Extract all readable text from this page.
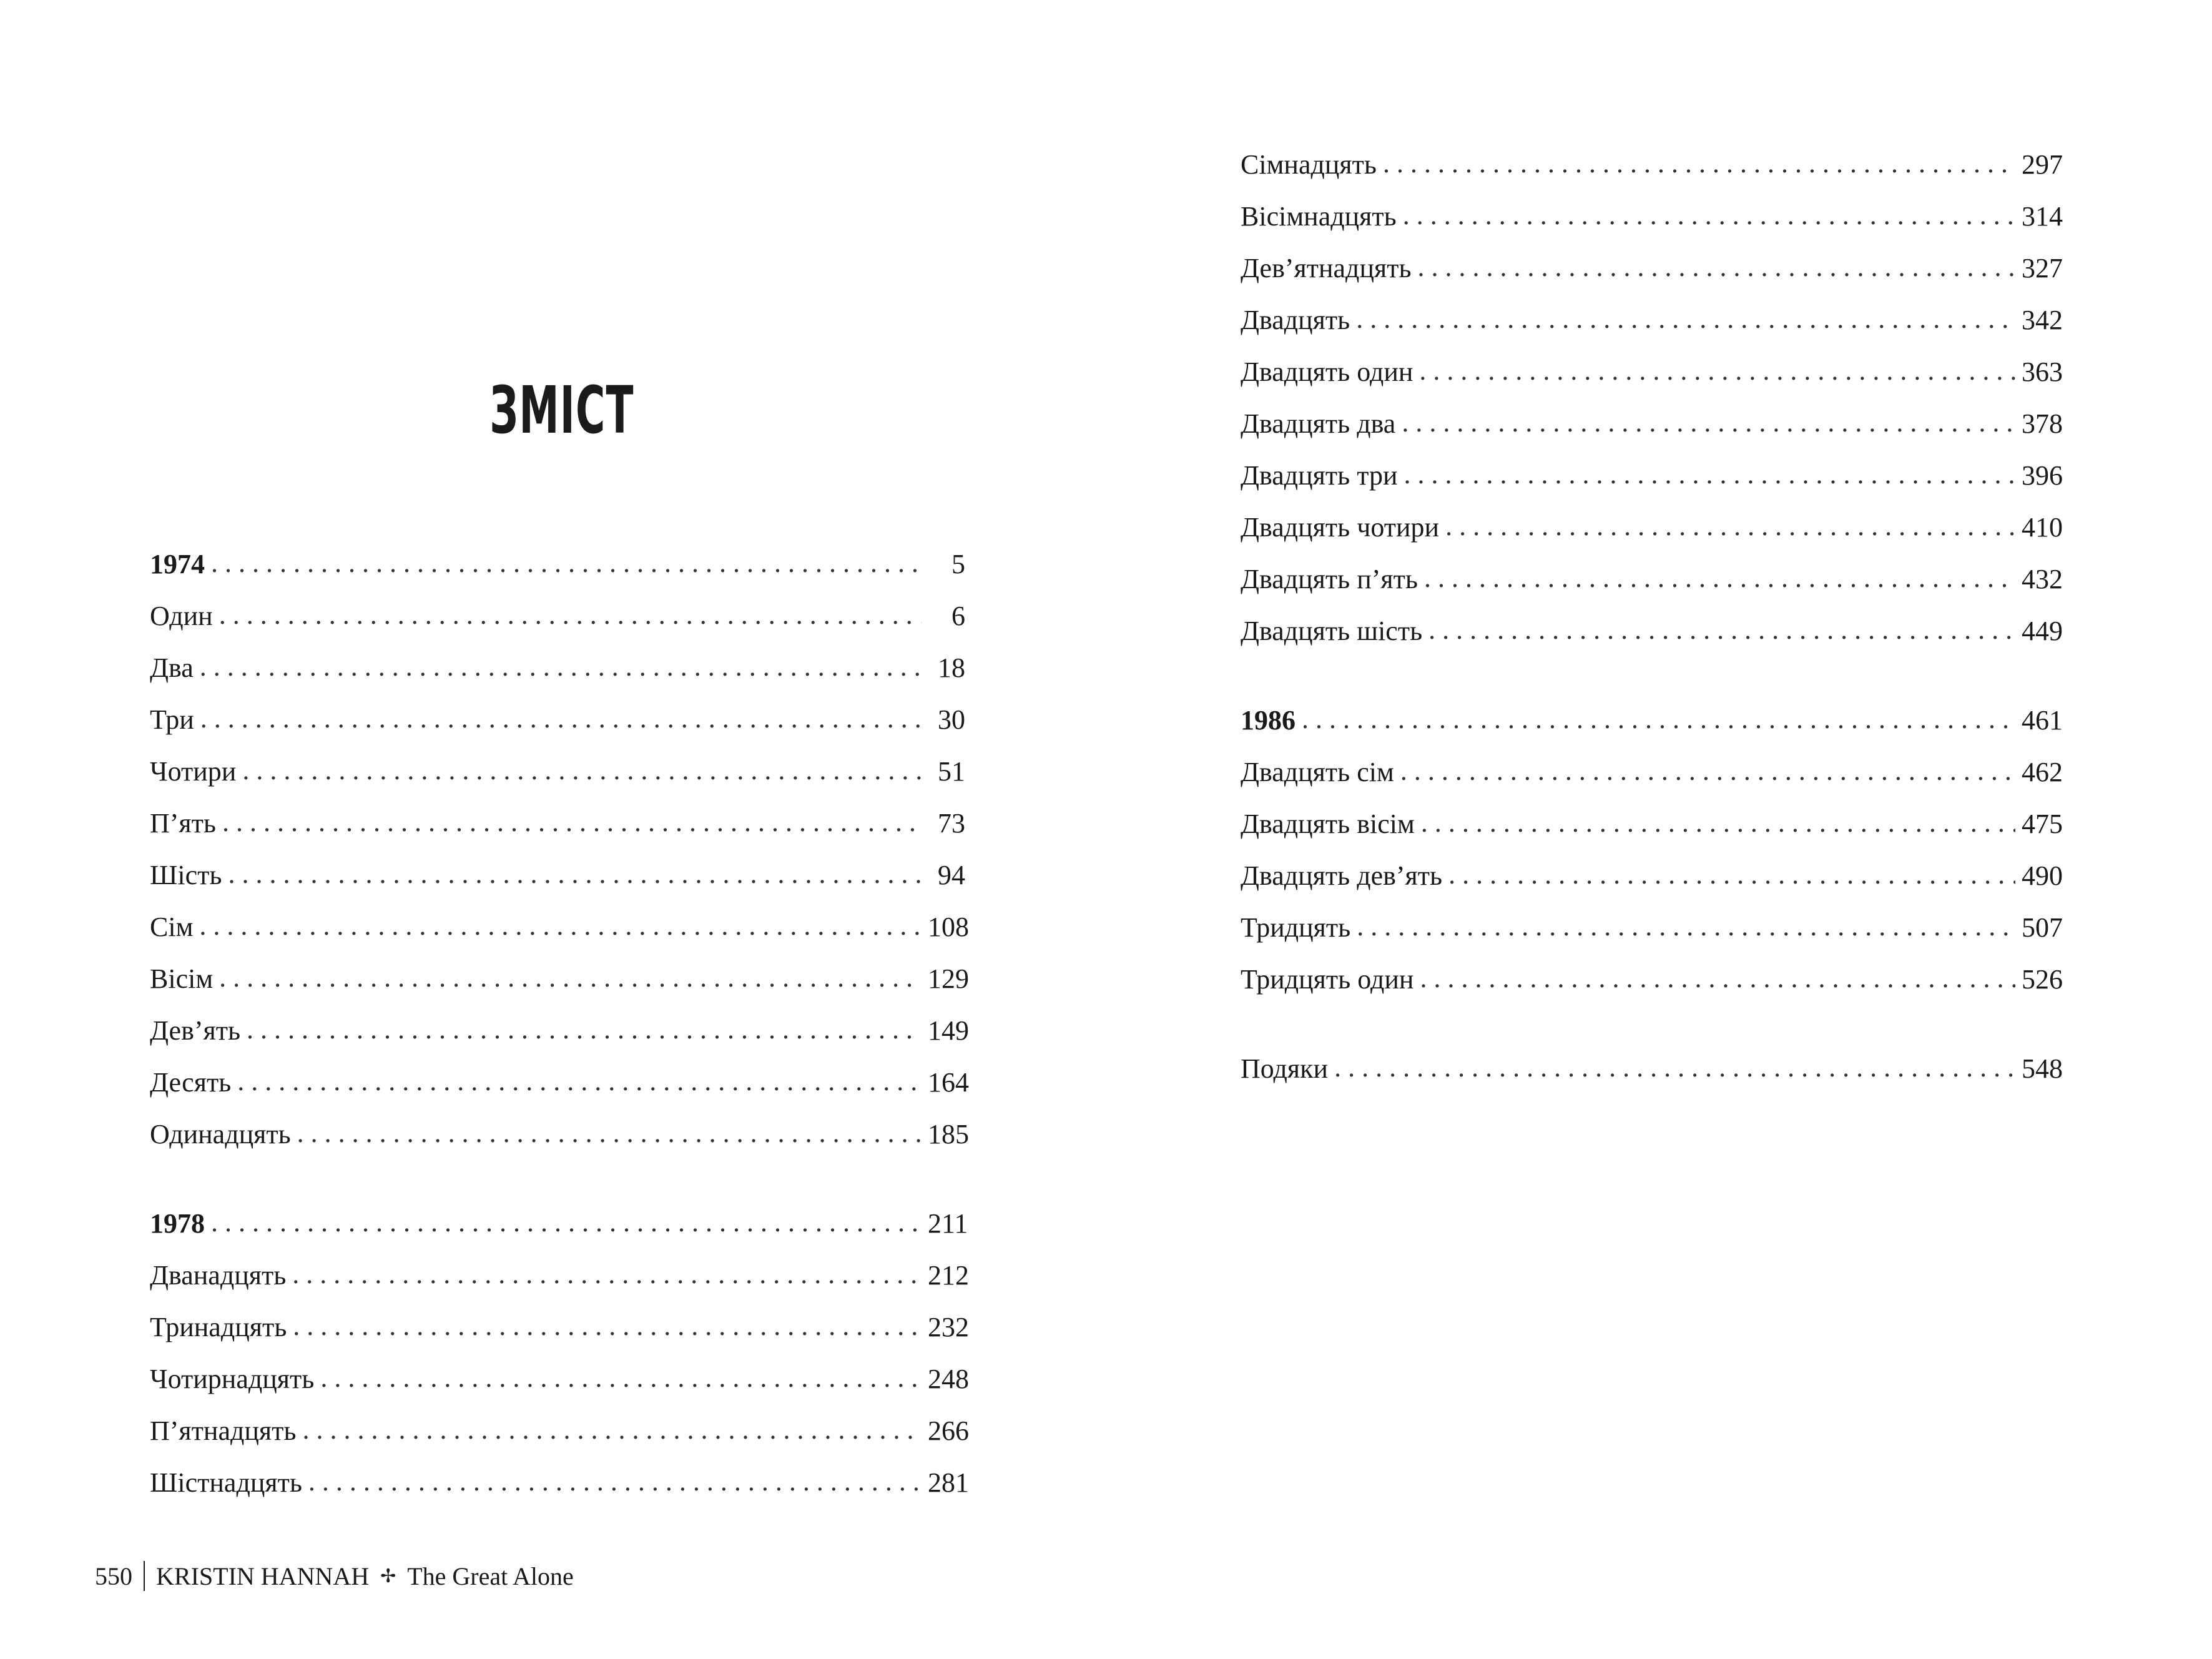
ЗМІСТ
1974 . . .	5
Один . . .	6
Два . . .	18
Три . . .	30
Чотири . . .	51
П’ять . . .	73
Шість . . .	94
Сім . . .	108
Вісім . . .	129
Дев’ять . . .	149
Десять . . .	164
Одинадцять . . .	185
1978 . . .	211
Дванадцять . . .	212
Тринадцять . . .	232
Чотирнадцять . . .	248
П’ятнадцять . . .	266
Шістнадцять . . .	281
Сімнадцять . . .	297
Вісімнадцять . . .	314
Дев’ятнадцять . . .	327
Двадцять . . .	342
Двадцять один . . .	363
Двадцять два . . .	378
Двадцять три . . .	396
Двадцять чотири . . .	410
Двадцять п’ять . . .	432
Двадцять шість . . .	449
1986 . . .	461
Двадцять сім . . .	462
Двадцять вісім . . .	475
Двадцять дев’ять . . .	490
Тридцять . . .	507
Тридцять один . . .	526
Подяки . . .	548
550 KRISTIN HANNAH ✢ The Great Alone
